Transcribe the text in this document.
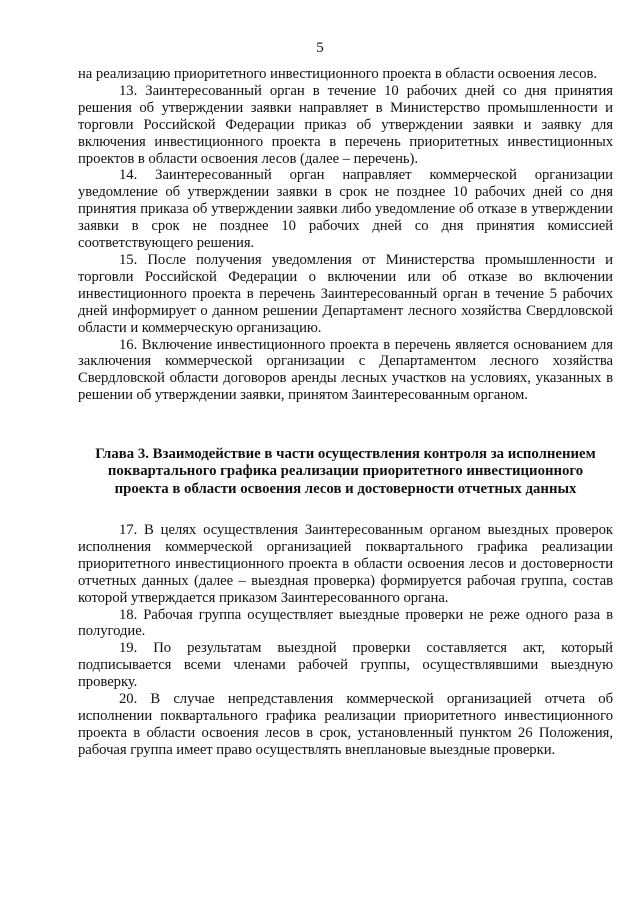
5

на реализацию приоритетного инвестиционного проекта в области освоения лесов.

13. Заинтересованный орган в течение 10 рабочих дней со дня принятия решения об утверждении заявки направляет в Министерство промышленности и торговли Российской Федерации приказ об утверждении заявки и заявку для включения инвестиционного проекта в перечень приоритетных инвестиционных проектов в области освоения лесов (далее – перечень).

14. Заинтересованный орган направляет коммерческой организации уведомление об утверждении заявки в срок не позднее 10 рабочих дней со дня принятия приказа об утверждении заявки либо уведомление об отказе в утверждении заявки в срок не позднее 10 рабочих дней со дня принятия комиссией соответствующего решения.

15. После получения уведомления от Министерства промышленности и торговли Российской Федерации о включении или об отказе во включении инвестиционного проекта в перечень Заинтересованный орган в течение 5 рабочих дней информирует о данном решении Департамент лесного хозяйства Свердловской области и коммерческую организацию.

16. Включение инвестиционного проекта в перечень является основанием для заключения коммерческой организации с Департаментом лесного хозяйства Свердловской области договоров аренды лесных участков на условиях, указанных в решении об утверждении заявки, принятом Заинтересованным органом.

Глава 3. Взаимодействие в части осуществления контроля за исполнением
поквартального графика реализации приоритетного инвестиционного
проекта в области освоения лесов и достоверности отчетных данных

17. В целях осуществления Заинтересованным органом выездных проверок исполнения коммерческой организацией поквартального графика реализации приоритетного инвестиционного проекта в области освоения лесов и достоверности отчетных данных (далее – выездная проверка) формируется рабочая группа, состав которой утверждается приказом Заинтересованного органа.

18. Рабочая группа осуществляет выездные проверки не реже одного раза в полугодие.

19. По результатам выездной проверки составляется акт, который подписывается всеми членами рабочей группы, осуществлявшими выездную проверку.

20. В случае непредставления коммерческой организацией отчета об исполнении поквартального графика реализации приоритетного инвестиционного проекта в области освоения лесов в срок, установленный пунктом 26 Положения, рабочая группа имеет право осуществлять внеплановые выездные проверки.
